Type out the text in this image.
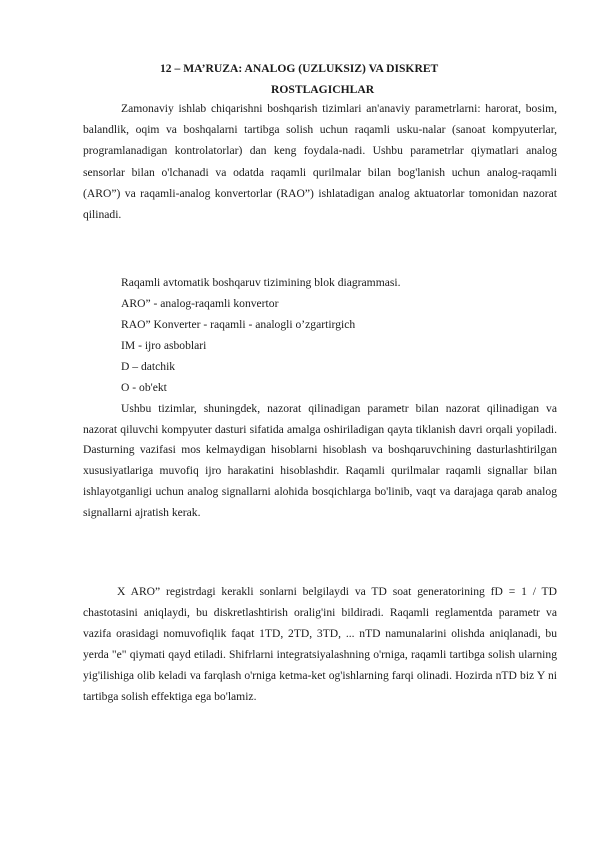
12 – MA’RUZA: ANALOG (UZLUKSIZ) VA DISKRET
ROSTLAGICHLAR
Zamonaviy ishlab chiqarishni boshqarish tizimlari an'anaviy parametrlarni: harorat, bosim, balandlik, oqim va boshqalarni tartibga solish uchun raqamli usku-nalar (sanoat kompyuterlar, programlanadigan kontrolatorlar) dan keng foydala-nadi. Ushbu parametrlar qiymatlari analog sensorlar bilan o'lchanadi va odatda raqamli qurilmalar bilan bog'lanish uchun analog-raqamli (ARO”) va raqamli-analog konvertorlar (RAO”) ishlatadigan analog aktuatorlar tomonidan nazorat qilinadi.
Raqamli avtomatik boshqaruv tizimining blok diagrammasi.
ARO” - analog-raqamli konvertor
RAO” Konverter - raqamli - analogli o’zgartirgich
IM - ijro asboblari
D – datchik
O - ob'ekt
Ushbu tizimlar, shuningdek, nazorat qilinadigan parametr bilan nazorat qilinadigan va nazorat qiluvchi kompyuter dasturi sifatida amalga oshiriladigan qayta tiklanish davri orqali yopiladi. Dasturning vazifasi mos kelmaydigan hisoblarni hisoblash va boshqaruvchining dasturlashtirilgan xususiyatlariga muvofiq ijro harakatini hisoblashdir. Raqamli qurilmalar raqamli signallar bilan ishlayotganligi uchun analog signallarni alohida bosqichlarga bo'linib, vaqt va darajaga qarab analog signallarni ajratish kerak.
X ARO” registrdagi kerakli sonlarni belgilaydi va TD soat generatorining fD = 1 / TD chastotasini aniqlaydi, bu diskretlashtirish oralig'ini bildiradi. Raqamli reglamentda parametr va vazifa orasidagi nomuvofiqlik faqat 1TD, 2TD, 3TD, ... nTD namunalarini olishda aniqlanadi, bu yerda "e" qiymati qayd etiladi. Shifrlarni integratsiyalashning o'rniga, raqamli tartibga solish ularning yig'ilishiga olib keladi va farqlash o'rniga ketma-ket og'ishlarning farqi olinadi. Hozirda nTD biz Y ni tartibga solish effektiga ega bo'lamiz.
